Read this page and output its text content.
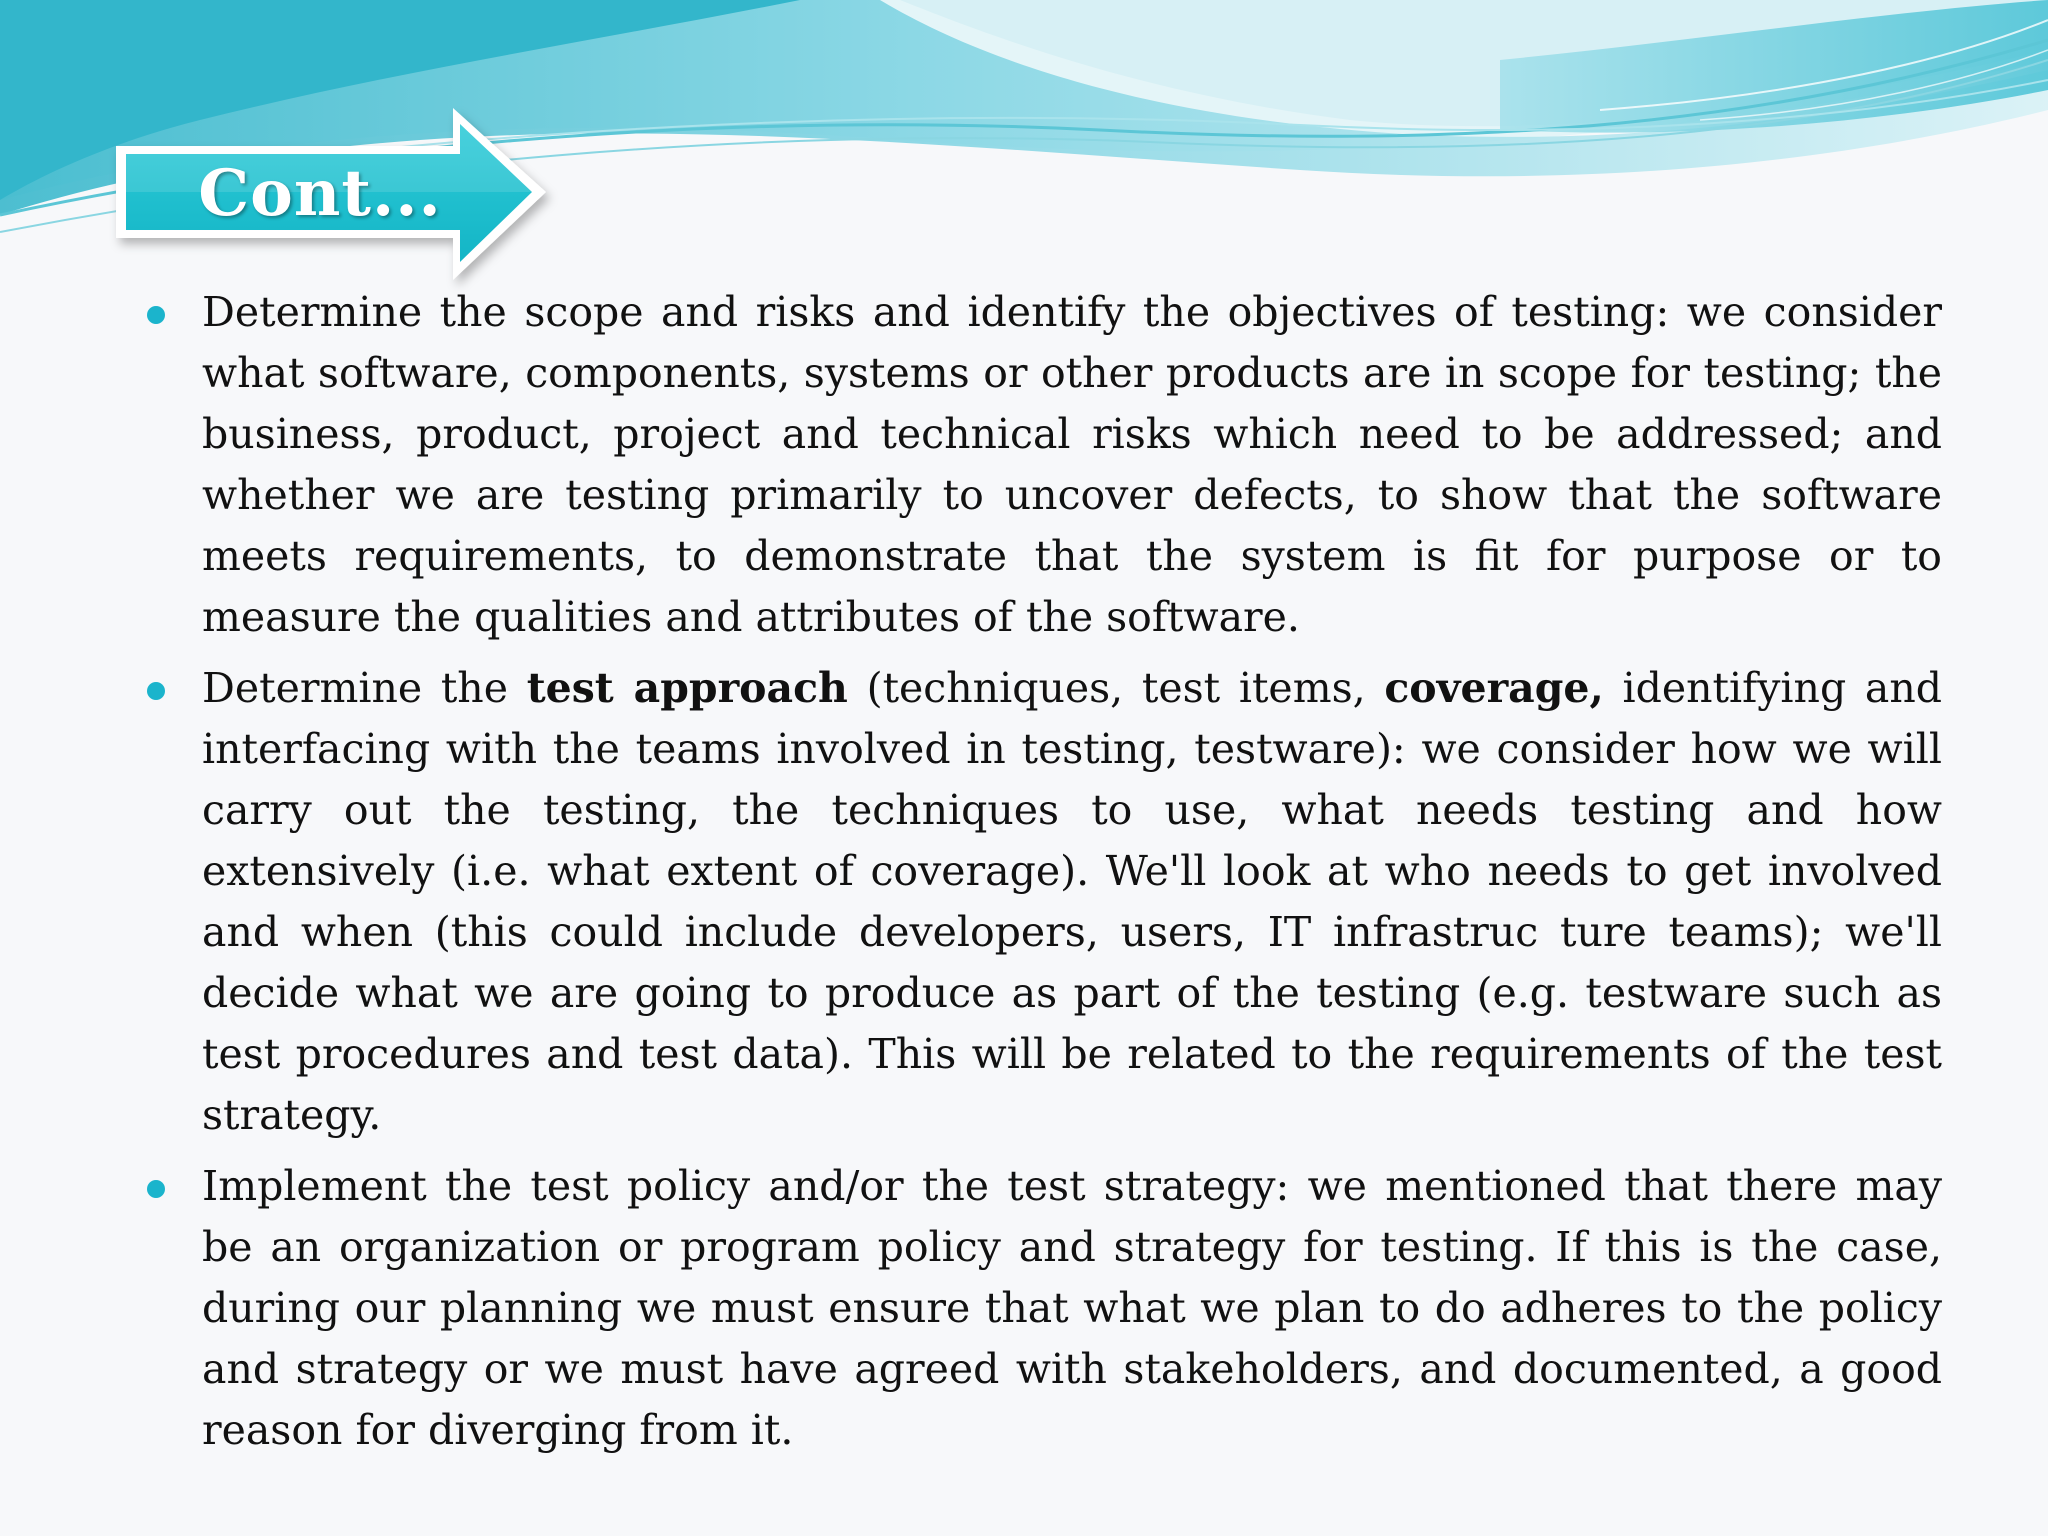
Cont...

Determine the scope and risks and identify the objectives of testing: we consider what software, components, systems or other products are in scope for testing; the business, product, project and technical risks which need to be addressed; and whether we are testing primarily to uncover defects, to show that the software meets requirements, to demonstrate that the system is fit for purpose or to measure the qualities and attributes of the software.

Determine the test approach (techniques, test items, coverage, identifying and interfacing with the teams involved in testing, testware): we consider how we will carry out the testing, the techniques to use, what needs testing and how extensively (i.e. what extent of coverage). We'll look at who needs to get involved and when (this could include developers, users, IT infrastruc ture teams); we'll decide what we are going to produce as part of the testing (e.g. testware such as test procedures and test data). This will be related to the requirements of the test strategy.

Implement the test policy and/or the test strategy: we mentioned that there may be an organization or program policy and strategy for testing. If this is the case, during our planning we must ensure that what we plan to do adheres to the policy and strategy or we must have agreed with stakeholders, and documented, a good reason for diverging from it.
